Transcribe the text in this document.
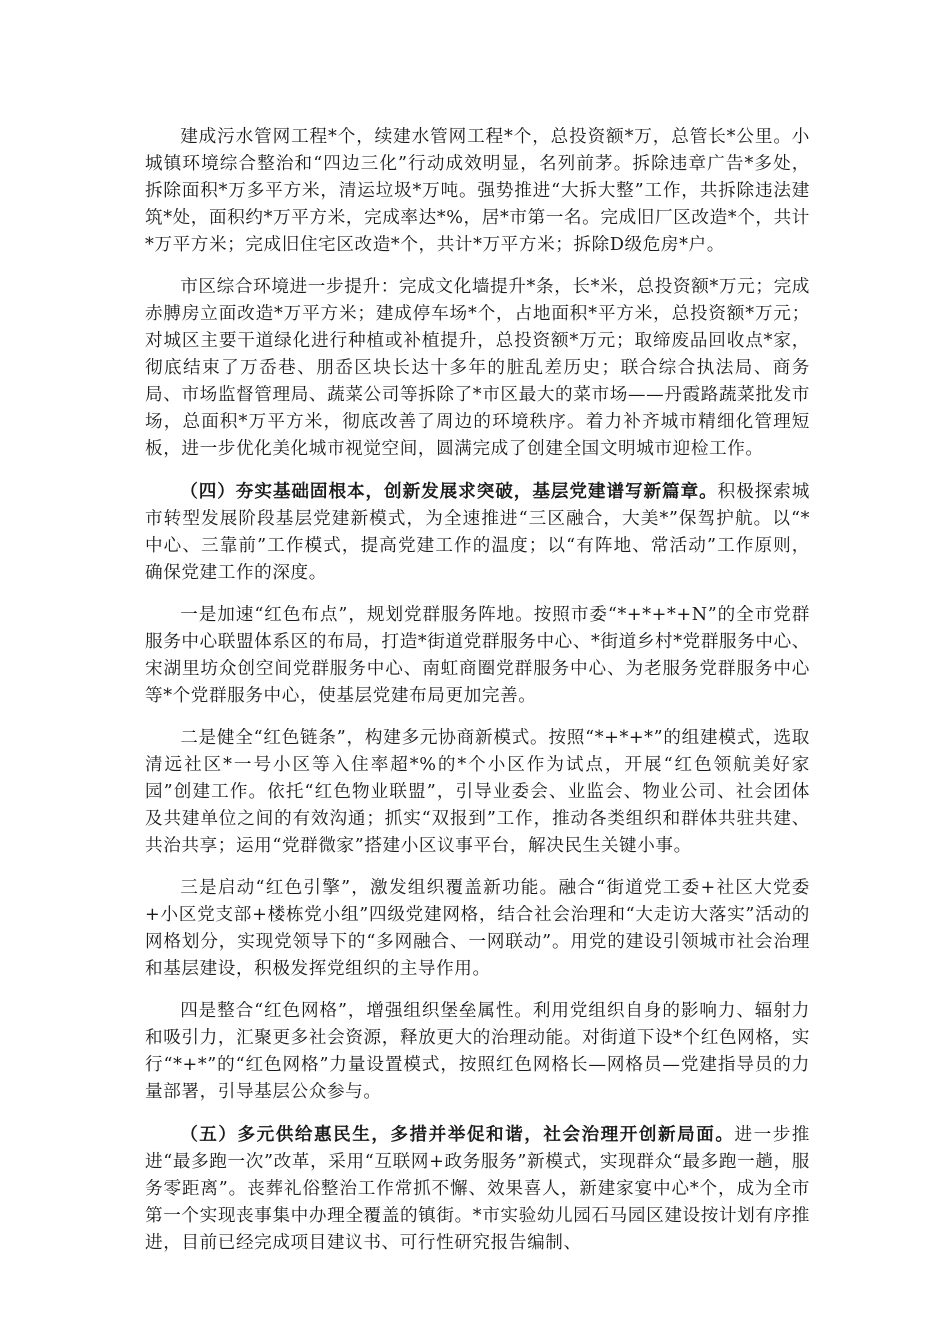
建成污水管网工程*个，续建水管网工程*个，总投资额*万，总管长*公里。小城镇环境综合整治和“四边三化”行动成效明显，名列前茅。拆除违章广告*多处，拆除面积*万多平方米，清运垃圾*万吨。强势推进“大拆大整”工作，共拆除违法建筑*处，面积约*万平方米，完成率达*%，居*市第一名。完成旧厂区改造*个，共计*万平方米；完成旧住宅区改造*个，共计*万平方米；拆除D级危房*户。

市区综合环境进一步提升：完成文化墙提升*条，长*米，总投资额*万元；完成赤膊房立面改造*万平方米；建成停车场*个，占地面积*平方米，总投资额*万元；对城区主要干道绿化进行种植或补植提升，总投资额*万元；取缔废品回收点*家，彻底结束了万岙巷、朋岙区块长达十多年的脏乱差历史；联合综合执法局、商务局、市场监督管理局、蔬菜公司等拆除了*市区最大的菜市场——丹霞路蔬菜批发市场，总面积*万平方米，彻底改善了周边的环境秩序。着力补齐城市精细化管理短板，进一步优化美化城市视觉空间，圆满完成了创建全国文明城市迎检工作。

（四）夯实基础固根本，创新发展求突破，基层党建谱写新篇章。积极探索城市转型发展阶段基层党建新模式，为全速推进“三区融合，大美*”保驾护航。以“*中心、三靠前”工作模式，提高党建工作的温度；以“有阵地、常活动”工作原则，确保党建工作的深度。

一是加速“红色布点”，规划党群服务阵地。按照市委“*+*+*+N”的全市党群服务中心联盟体系区的布局，打造*街道党群服务中心、*街道乡村*党群服务中心、宋湖里坊众创空间党群服务中心、南虹商圈党群服务中心、为老服务党群服务中心等*个党群服务中心，使基层党建布局更加完善。

二是健全“红色链条”，构建多元协商新模式。按照“*+*+*”的组建模式，选取清远社区*一号小区等入住率超*%的*个小区作为试点，开展“红色领航美好家园”创建工作。依托“红色物业联盟”，引导业委会、业监会、物业公司、社会团体及共建单位之间的有效沟通；抓实“双报到”工作，推动各类组织和群体共驻共建、共治共享；运用“党群微家”搭建小区议事平台，解决民生关键小事。

三是启动“红色引擎”，激发组织覆盖新功能。融合“街道党工委+社区大党委+小区党支部+楼栋党小组”四级党建网格，结合社会治理和“大走访大落实”活动的网格划分，实现党领导下的“多网融合、一网联动”。用党的建设引领城市社会治理和基层建设，积极发挥党组织的主导作用。

四是整合“红色网格”，增强组织堡垒属性。利用党组织自身的影响力、辐射力和吸引力，汇聚更多社会资源，释放更大的治理动能。对街道下设*个红色网格，实行“*+*”的“红色网格”力量设置模式，按照红色网格长—网格员—党建指导员的力量部署，引导基层公众参与。

（五）多元供给惠民生，多措并举促和谐，社会治理开创新局面。进一步推进“最多跑一次”改革，采用“互联网+政务服务”新模式，实现群众“最多跑一趟，服务零距离”。丧葬礼俗整治工作常抓不懈、效果喜人，新建家宴中心*个，成为全市第一个实现丧事集中办理全覆盖的镇街。*市实验幼儿园石马园区建设按计划有序推进，目前已经完成项目建议书、可行性研究报告编制、
